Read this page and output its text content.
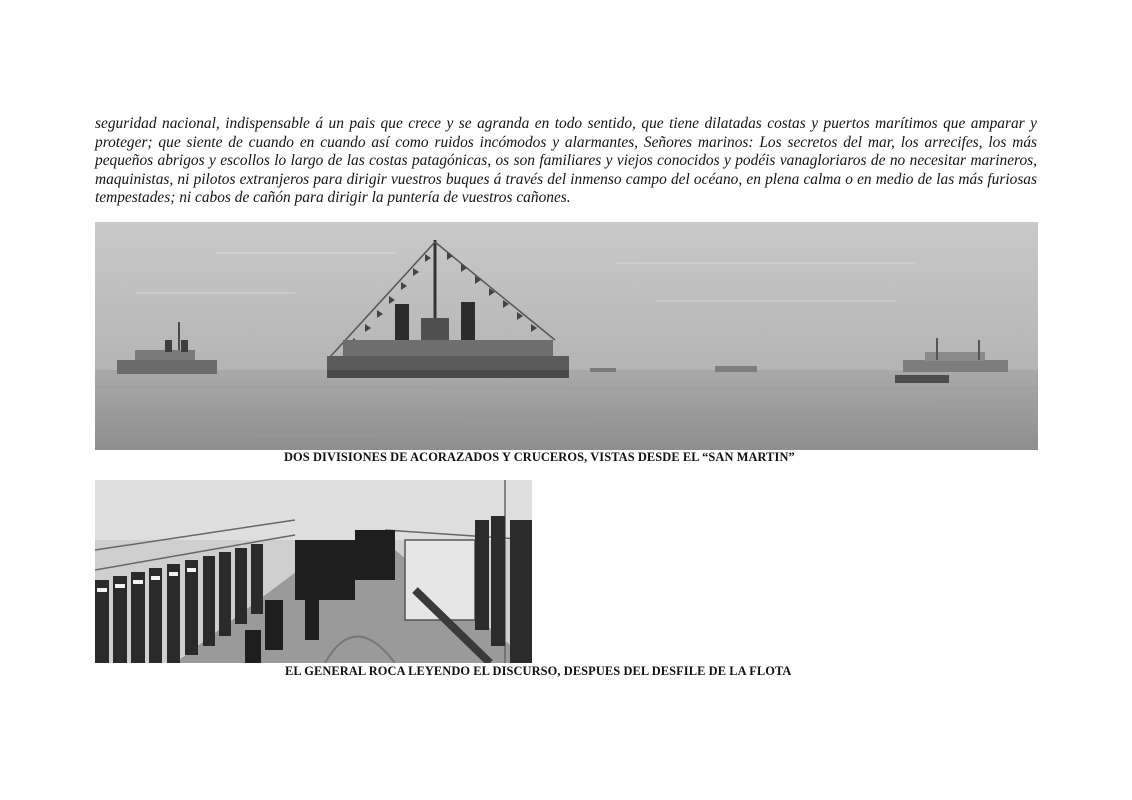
seguridad nacional, indispensable á un pais que crece y se agranda en todo sentido, que tiene dilatadas costas y puertos marítimos que amparar y proteger; que siente de cuando en cuando así como ruidos incómodos y alarmantes, Señores marinos: Los secretos del mar, los arrecifes, los más pequeños abrigos y escollos lo largo de las costas patagónicas, os son familiares y viejos conocidos y podéis vanagloriaros de no necesitar marineros, maquinistas, ni pilotos extranjeros para dirigir vuestros buques á través del inmenso campo del océano, en plena calma o en medio de las más furiosas tempestades; ni cabos de cañón para dirigir la puntería de vuestros cañones.

DOS DIVISIONES DE ACORAZADOS Y CRUCEROS, VISTAS DESDE EL “SAN MARTIN”
EL GENERAL ROCA LEYENDO EL DISCURSO, DESPUES DEL DESFILE DE LA FLOTA
